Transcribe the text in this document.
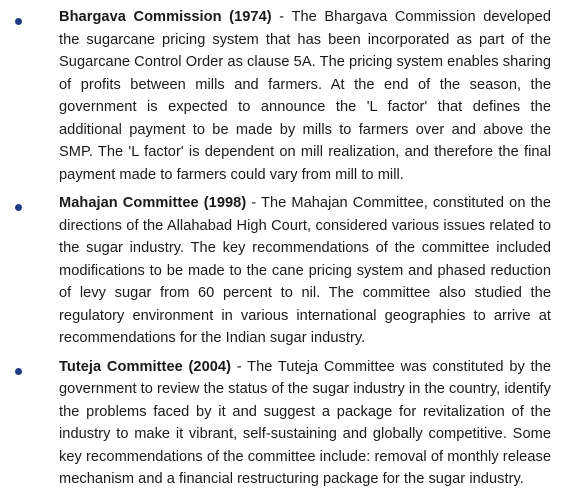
Bhargava Commission (1974) - The Bhargava Commission developed the sugarcane pricing system that has been incorporated as part of the Sugarcane Control Order as clause 5A. The pricing system enables sharing of profits between mills and farmers. At the end of the season, the government is expected to announce the 'L factor' that defines the additional payment to be made by mills to farmers over and above the SMP. The 'L factor' is dependent on mill realization, and therefore the final payment made to farmers could vary from mill to mill.

Mahajan Committee (1998) - The Mahajan Committee, constituted on the directions of the Allahabad High Court, considered various issues related to the sugar industry. The key recommendations of the committee included modifications to be made to the cane pricing system and phased reduction of levy sugar from 60 percent to nil. The committee also studied the regulatory environment in various international geographies to arrive at recommendations for the Indian sugar industry.

Tuteja Committee (2004) - The Tuteja Committee was constituted by the government to review the status of the sugar industry in the country, identify the problems faced by it and suggest a package for revitalization of the industry to make it vibrant, self-sustaining and globally competitive. Some key recommendations of the committee include: removal of monthly release mechanism and a financial restructuring package for the sugar industry.
